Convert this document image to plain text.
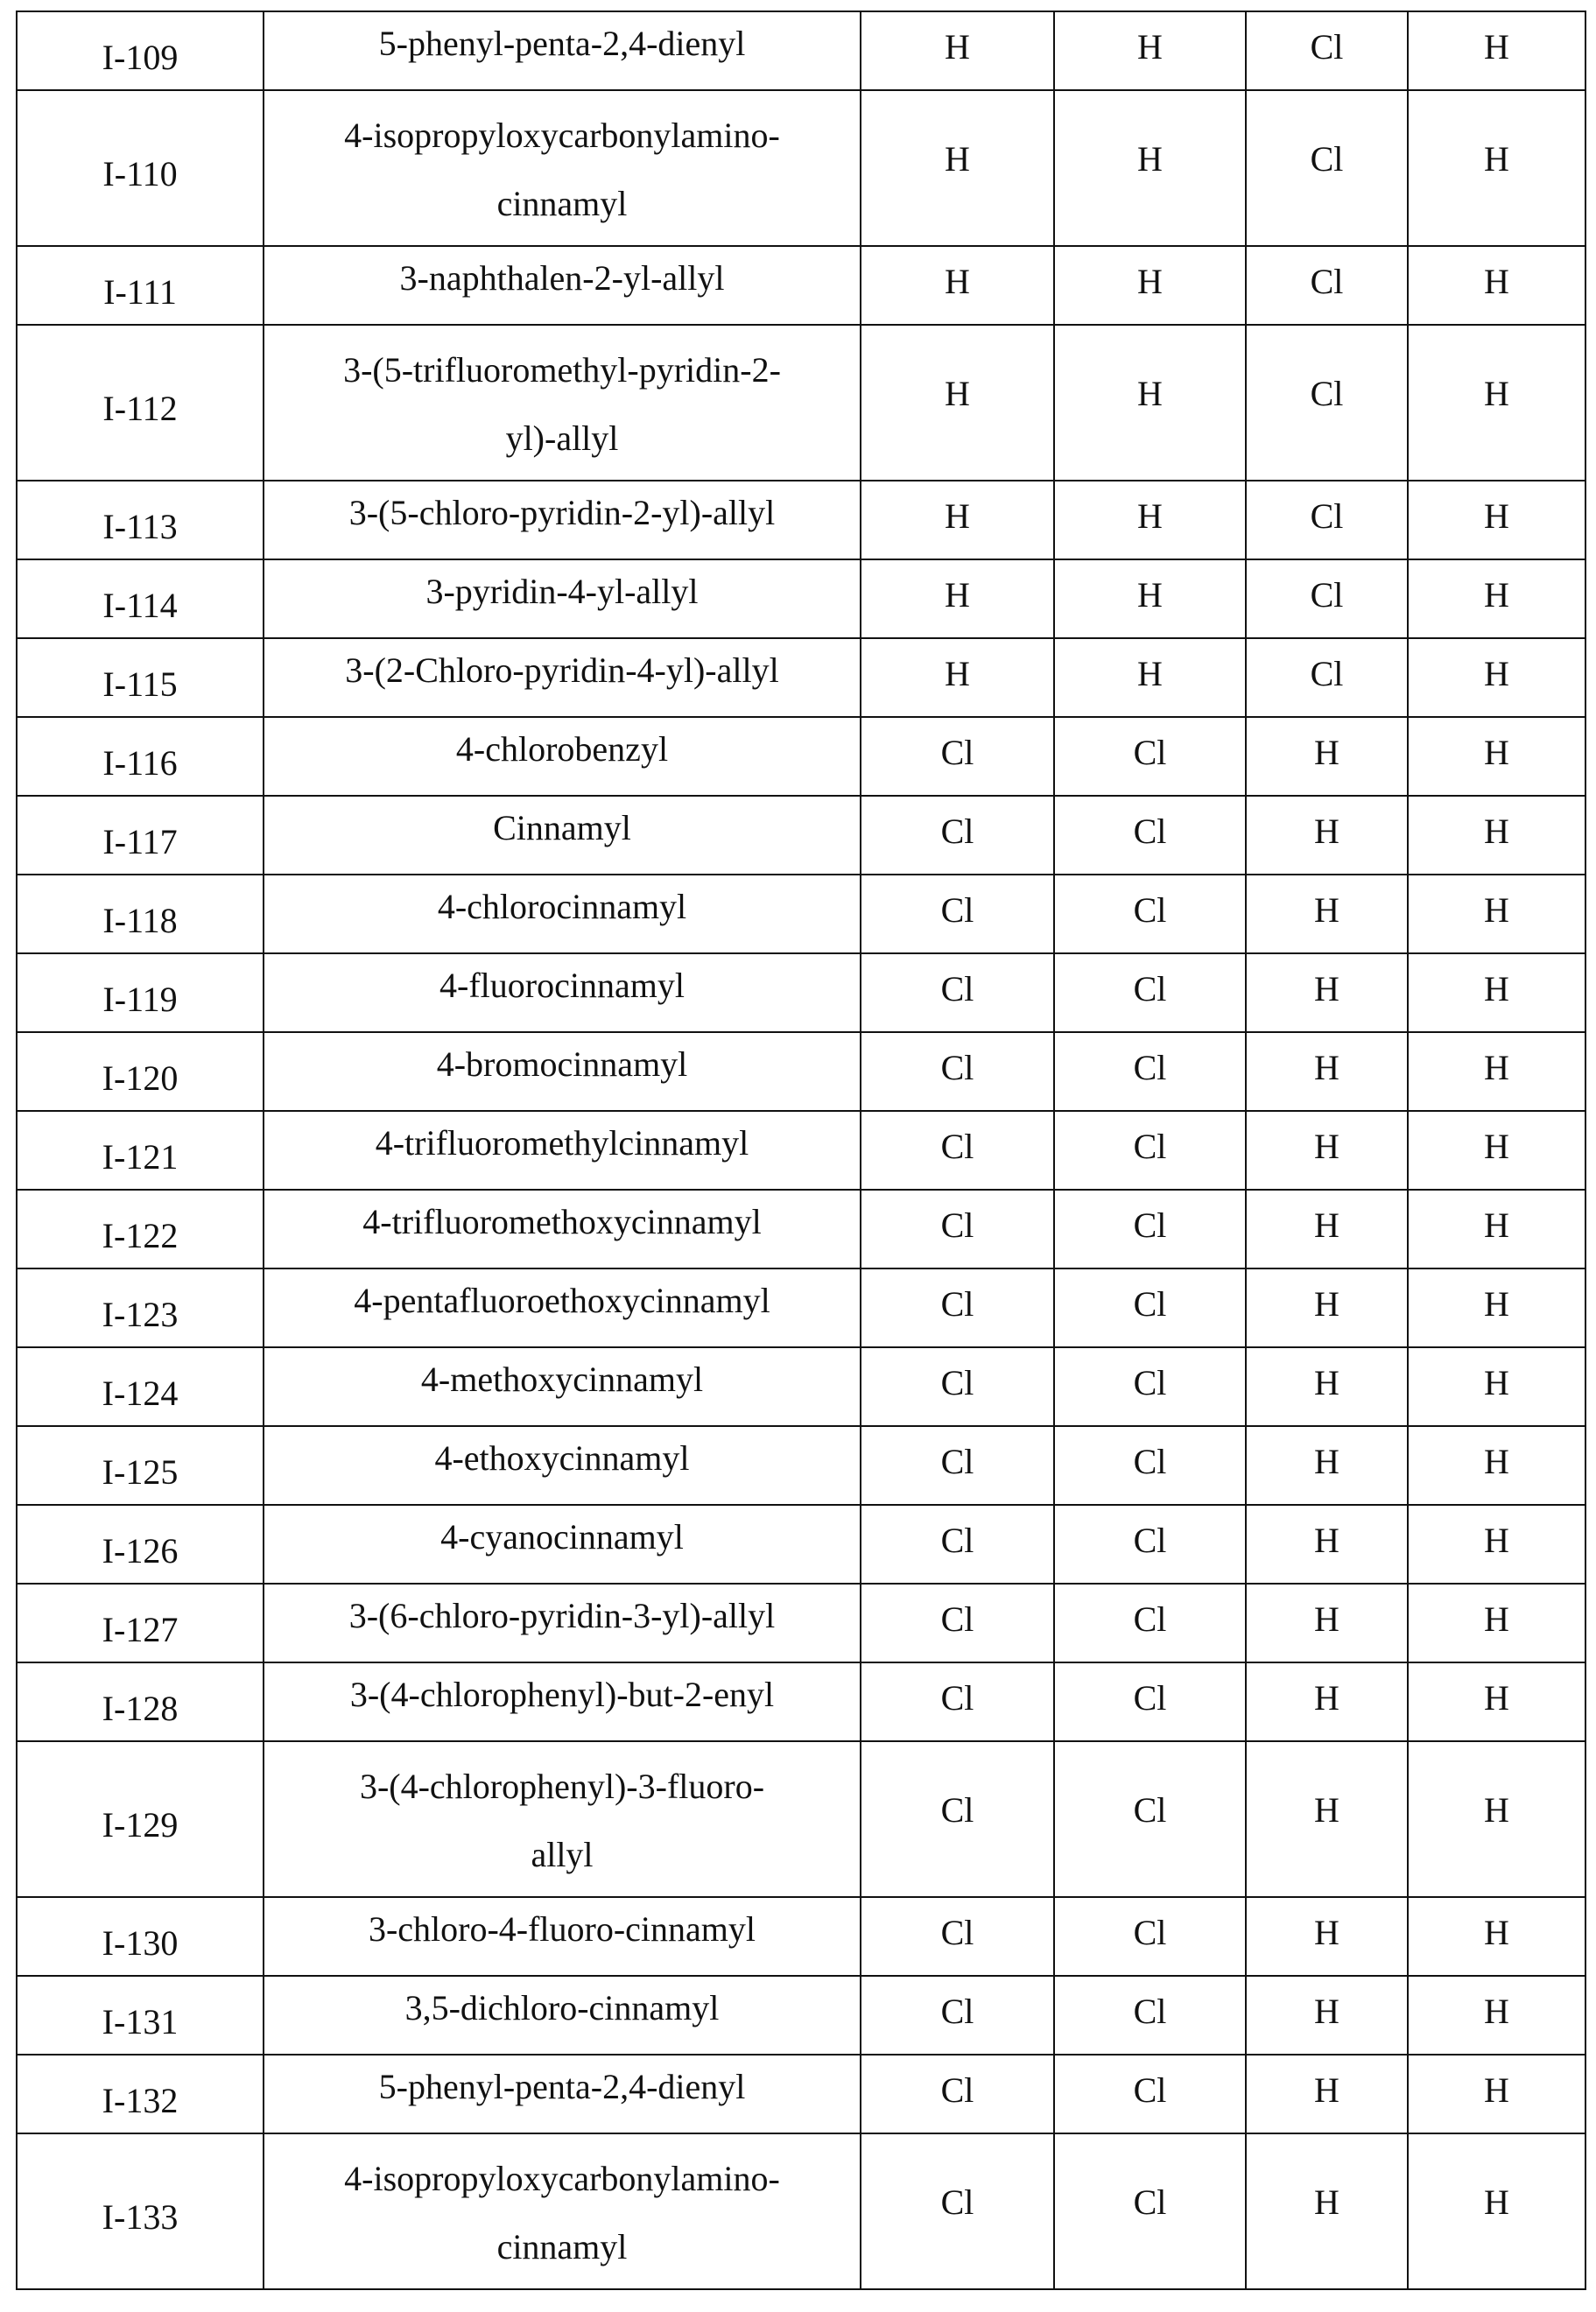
I-109	5-phenyl-penta-2,4-dienyl	H	H	Cl	H
I-110	4-isopropyloxycarbonylamino-
cinnamyl	H	H	Cl	H
I-111	3-naphthalen-2-yl-allyl	H	H	Cl	H
I-112	3-(5-trifluoromethyl-pyridin-2-
yl)-allyl	H	H	Cl	H
I-113	3-(5-chloro-pyridin-2-yl)-allyl	H	H	Cl	H
I-114	3-pyridin-4-yl-allyl	H	H	Cl	H
I-115	3-(2-Chloro-pyridin-4-yl)-allyl	H	H	Cl	H
I-116	4-chlorobenzyl	Cl	Cl	H	H
I-117	Cinnamyl	Cl	Cl	H	H
I-118	4-chlorocinnamyl	Cl	Cl	H	H
I-119	4-fluorocinnamyl	Cl	Cl	H	H
I-120	4-bromocinnamyl	Cl	Cl	H	H
I-121	4-trifluoromethylcinnamyl	Cl	Cl	H	H
I-122	4-trifluoromethoxycinnamyl	Cl	Cl	H	H
I-123	4-pentafluoroethoxycinnamyl	Cl	Cl	H	H
I-124	4-methoxycinnamyl	Cl	Cl	H	H
I-125	4-ethoxycinnamyl	Cl	Cl	H	H
I-126	4-cyanocinnamyl	Cl	Cl	H	H
I-127	3-(6-chloro-pyridin-3-yl)-allyl	Cl	Cl	H	H
I-128	3-(4-chlorophenyl)-but-2-enyl	Cl	Cl	H	H
I-129	3-(4-chlorophenyl)-3-fluoro-
allyl	Cl	Cl	H	H
I-130	3-chloro-4-fluoro-cinnamyl	Cl	Cl	H	H
I-131	3,5-dichloro-cinnamyl	Cl	Cl	H	H
I-132	5-phenyl-penta-2,4-dienyl	Cl	Cl	H	H
I-133	4-isopropyloxycarbonylamino-
cinnamyl	Cl	Cl	H	H
